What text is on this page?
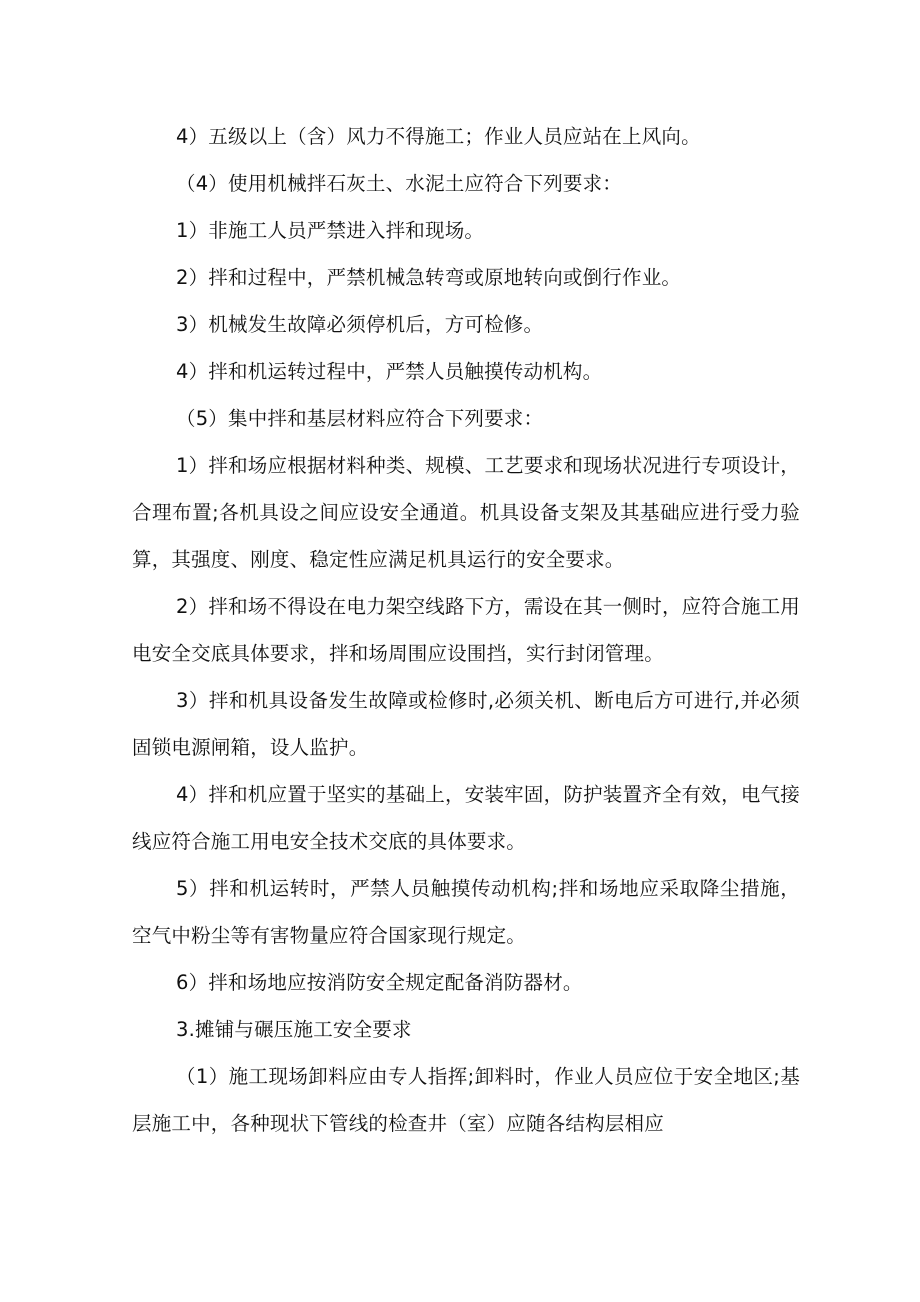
4）五级以上（含）风力不得施工；作业人员应站在上风向。

（4）使用机械拌石灰土、水泥土应符合下列要求：

1）非施工人员严禁进入拌和现场。

2）拌和过程中，严禁机械急转弯或原地转向或倒行作业。

3）机械发生故障必须停机后，方可检修。

4）拌和机运转过程中，严禁人员触摸传动机构。

（5）集中拌和基层材料应符合下列要求：

1）拌和场应根据材料种类、规模、工艺要求和现场状况进行专项设计，合理布置;各机具设之间应设安全通道。机具设备支架及其基础应进行受力验算，其强度、刚度、稳定性应满足机具运行的安全要求。

2）拌和场不得设在电力架空线路下方，需设在其一侧时，应符合施工用电安全交底具体要求，拌和场周围应设围挡，实行封闭管理。

3）拌和机具设备发生故障或检修时,必须关机、断电后方可进行,并必须固锁电源闸箱，设人监护。

4）拌和机应置于坚实的基础上，安装牢固，防护装置齐全有效，电气接线应符合施工用电安全技术交底的具体要求。

5）拌和机运转时，严禁人员触摸传动机构;拌和场地应采取降尘措施，空气中粉尘等有害物量应符合国家现行规定。

6）拌和场地应按消防安全规定配备消防器材。

3.摊铺与碾压施工安全要求

（1）施工现场卸料应由专人指挥;卸料时，作业人员应位于安全地区;基层施工中，各种现状下管线的检查井（室）应随各结构层相应
